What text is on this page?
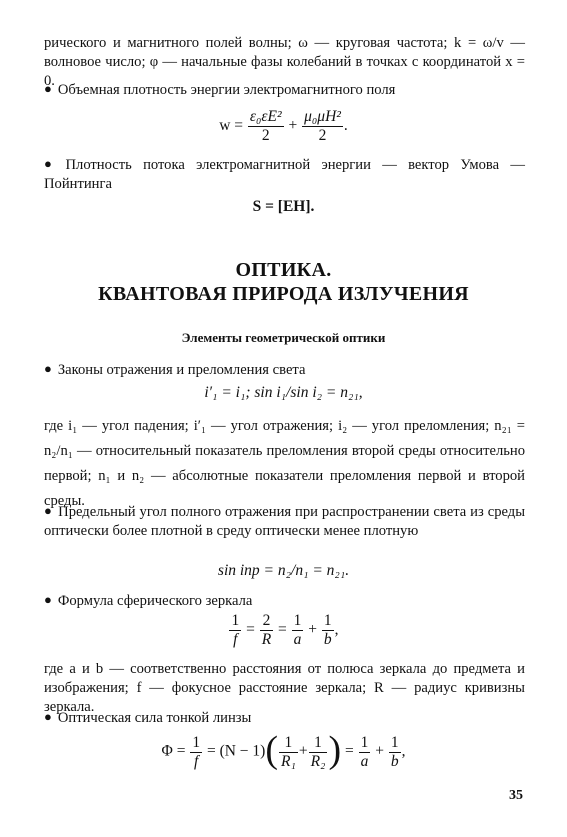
рического и магнитного полей волны; ω — круговая частота; k = ω/v — волновое число; φ — начальные фазы колебаний в точках с координатой x = 0.
● Объемная плотность энергии электромагнитного поля
$w = \frac{\text{ε₀εE²}}{2} + \frac{\text{μ₀μH²}}{2}$ .
● Плотность потока электромагнитной энергии — вектор Умова — Пойнтинга
S = [EH].
ОПТИКА.
КВАНТОВАЯ ПРИРОДА ИЗЛУЧЕНИЯ
Элементы геометрической оптики
● Законы отражения и преломления света
i′₁ = i₁; sin i₁/sin i₂ = n₂₁,
где i₁ — угол падения; i′₁ — угол отражения; i₂ — угол преломления; n₂₁ = n₂/n₁ — относительный показатель преломления второй среды относительно первой; n₁ и n₂ — абсолютные показатели преломления первой и второй среды.
● Предельный угол полного отражения при распространении света из среды оптически более плотной в среду оптически менее плотную
sin iпр = n₂/n₁ = n₂₁.
● Формула сферического зеркала
$\frac{1}{f} = \frac{2}{R} = \frac{1}{a} + \frac{1}{b}$ ,
где a и b — соответственно расстояния от полюса зеркала до предмета и изображения; f — фокусное расстояние зеркала; R — радиус кривизны зеркала.
● Оптическая сила тонкой линзы
$\Phi = \frac{1}{f} = (N - 1)( \frac{1}{\text{R₁}} + \frac{1}{\text{R₂}}$ ) = $\frac{1}{a} + \frac{1}{b}$ ,
35
